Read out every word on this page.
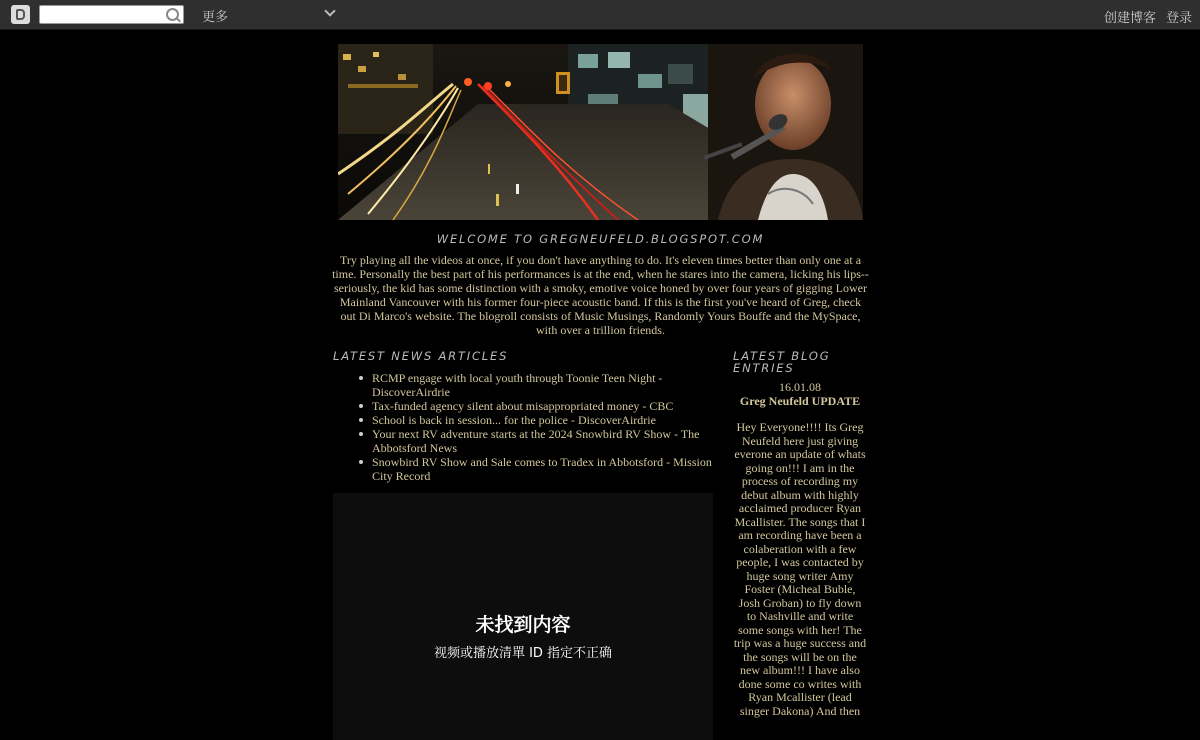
更多	创建博客 登录
WELCOME TO GREGNEUFELD.BLOGSPOT.COM
Try playing all the videos at once, if you don't have anything to do. It's eleven times better than only one at a time. Personally the best part of his performances is at the end, when he stares into the camera, licking his lips--seriously, the kid has some distinction with a smoky, emotive voice honed by over four years of gigging Lower Mainland Vancouver with his former four-piece acoustic band. If this is the first you've heard of Greg, check out Di Marco's website. The blogroll consists of Music Musings, Randomly Yours Bouffe and the MySpace, with over a trillion friends.
LATEST NEWS ARTICLES
RCMP engage with local youth through Toonie Teen Night - DiscoverAirdrie
Tax-funded agency silent about misappropriated money - CBC
School is back in session... for the police - DiscoverAirdrie
Your next RV adventure starts at the 2024 Snowbird RV Show - The Abbotsford News
Snowbird RV Show and Sale comes to Tradex in Abbotsford - Mission City Record
未找到内容
视频或播放清單 ID 指定不正确
LATEST BLOG ENTRIES
16.01.08
Greg Neufeld UPDATE
Hey Everyone!!!! Its Greg Neufeld here just giving everone an update of whats going on!!! I am in the process of recording my debut album with highly acclaimed producer Ryan Mcallister. The songs that I am recording have been a colaberation with a few people, I was contacted by huge song writer Amy Foster (Micheal Buble, Josh Groban) to fly down to Nashville and write some songs with her! The trip was a huge success and the songs will be on the new album!!! I have also done some co writes with Ryan Mcallister (lead singer Dakona) And then
